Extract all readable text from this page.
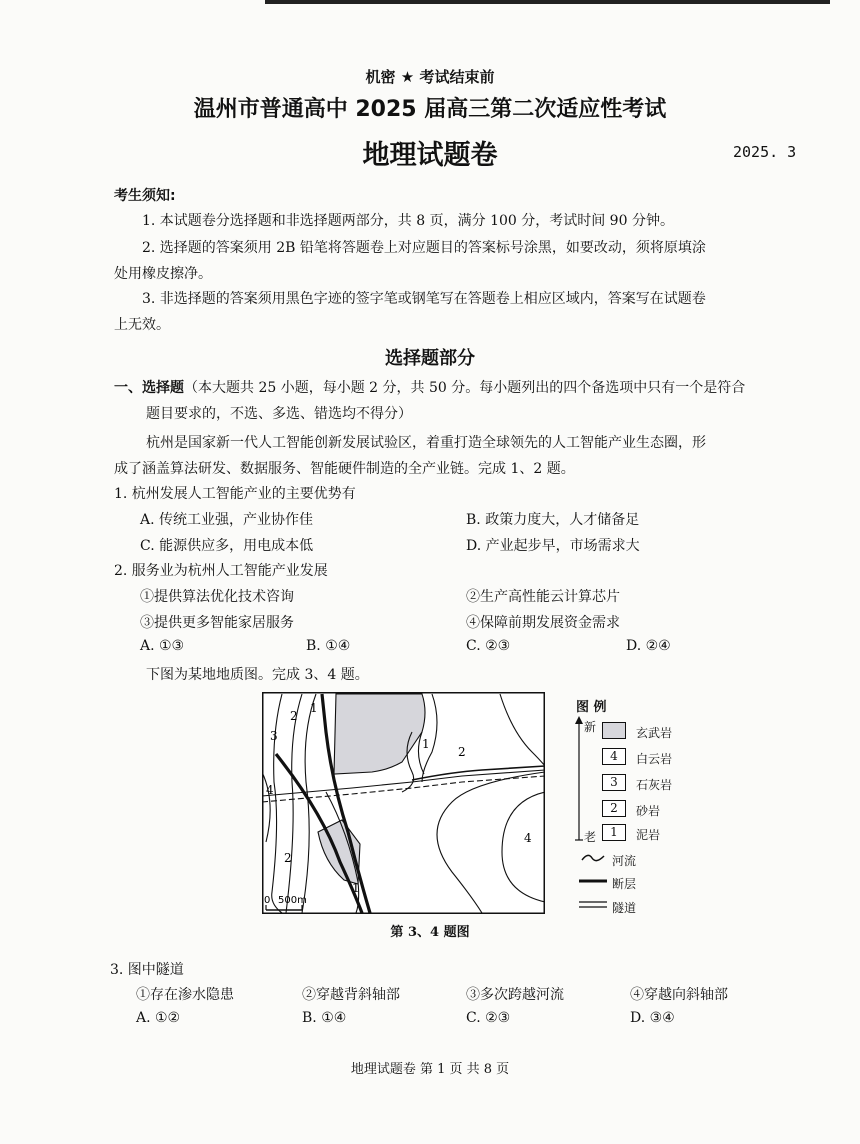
机密 ★ 考试结束前
温州市普通高中 2025 届高三第二次适应性考试
地理试题卷	2025. 3
考生须知:
1. 本试题卷分选择题和非选择题两部分，共 8 页，满分 100 分，考试时间 90 分钟。
2. 选择题的答案须用 2B 铅笔将答题卷上对应题目的答案标号涂黑，如要改动，须将原填涂
处用橡皮擦净。
3. 非选择题的答案须用黑色字迹的签字笔或钢笔写在答题卷上相应区域内，答案写在试题卷
上无效。
选择题部分
一、选择题（本大题共 25 小题，每小题 2 分，共 50 分。每小题列出的四个备选项中只有一个是符合
题目要求的，不选、多选、错选均不得分）
杭州是国家新一代人工智能创新发展试验区，着重打造全球领先的人工智能产业生态圈，形
成了涵盖算法研发、数据服务、智能硬件制造的全产业链。完成 1、2 题。
1. 杭州发展人工智能产业的主要优势有
A. 传统工业强，产业协作佳	B. 政策力度大，人才储备足
C. 能源供应多，用电成本低	D. 产业起步早，市场需求大
2. 服务业为杭州人工智能产业发展
①提供算法优化技术咨询	②生产高性能云计算芯片
③提供更多智能家居服务	④保障前期发展资金需求
A. ①③	B. ①④	C. ②③	D. ②④
下图为某地地质图。完成 3、4 题。
2
1
3
4
1
2
4
2
1
0 500m
图 例
新
老
玄武岩
4	白云岩
3	石灰岩
2	砂岩
1	泥岩
河流
断层
隧道
第 3、4 题图
3. 图中隧道
①存在渗水隐患	②穿越背斜轴部	③多次跨越河流	④穿越向斜轴部
A. ①②	B. ①④	C. ②③	D. ③④
地理试题卷 第 1 页 共 8 页
